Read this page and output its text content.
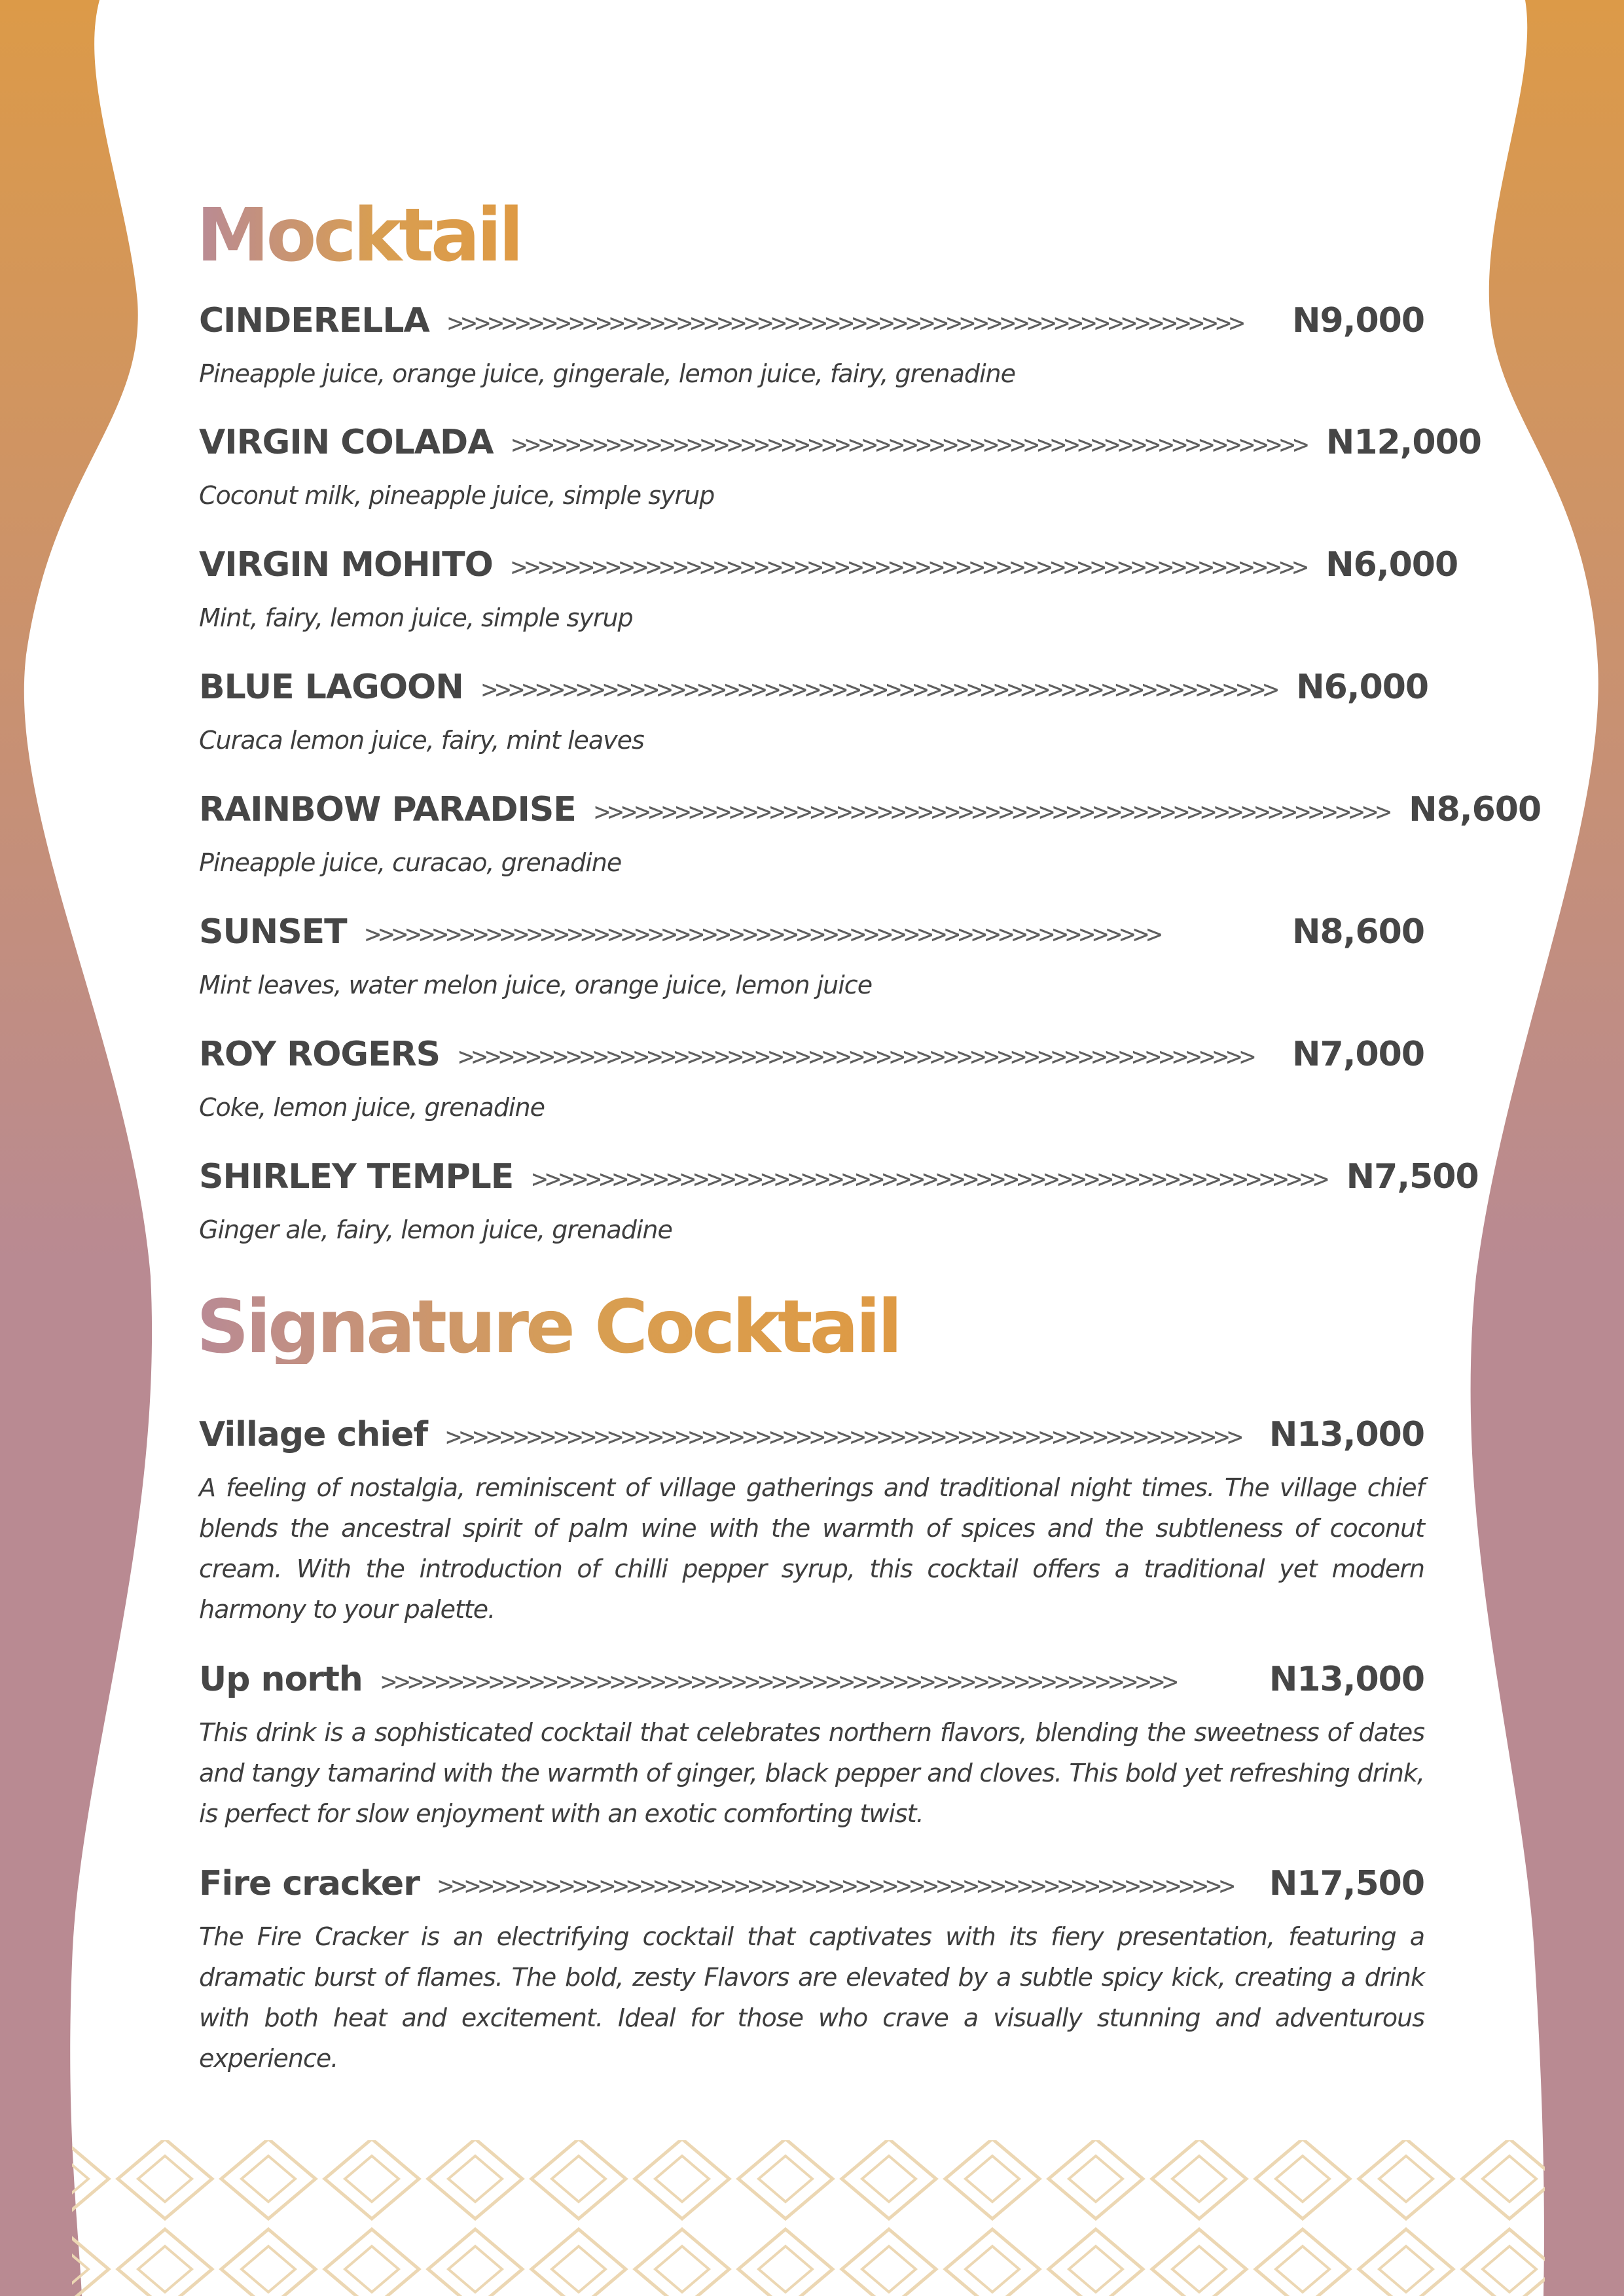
Mocktail
CINDERELLA >>>>>>>>>>>>>>>>>>>>>>>>>>>>>>>>>>>>>>>>>>>>>>>>>>>>>>>>>>>	N9,000

Pineapple juice, orange juice, gingerale, lemon juice, fairy, grenadine

VIRGIN COLADA >>>>>>>>>>>>>>>>>>>>>>>>>>>>>>>>>>>>>>>>>>>>>>>>>>>>>>>>>>> N12,000

Coconut milk, pineapple juice, simple syrup

VIRGIN MOHITO >>>>>>>>>>>>>>>>>>>>>>>>>>>>>>>>>>>>>>>>>>>>>>>>>>>>>>>>>>> N6,000

Mint, fairy, lemon juice, simple syrup

BLUE LAGOON >>>>>>>>>>>>>>>>>>>>>>>>>>>>>>>>>>>>>>>>>>>>>>>>>>>>>>>>>>> N6,000

Curaca lemon juice, fairy, mint leaves

RAINBOW PARADISE >>>>>>>>>>>>>>>>>>>>>>>>>>>>>>>>>>>>>>>>>>>>>>>>>>>>>>>>>>> N8,600

Pineapple juice, curacao, grenadine

SUNSET >>>>>>>>>>>>>>>>>>>>>>>>>>>>>>>>>>>>>>>>>>>>>>>>>>>>>>>>>>>	N8,600

Mint leaves, water melon juice, orange juice, lemon juice

ROY ROGERS >>>>>>>>>>>>>>>>>>>>>>>>>>>>>>>>>>>>>>>>>>>>>>>>>>>>>>>>>>>	N7,000

Coke, lemon juice, grenadine

SHIRLEY TEMPLE >>>>>>>>>>>>>>>>>>>>>>>>>>>>>>>>>>>>>>>>>>>>>>>>>>>>>>>>>>> N7,500

Ginger ale, fairy, lemon juice, grenadine

Signature Cocktail
Village chief >>>>>>>>>>>>>>>>>>>>>>>>>>>>>>>>>>>>>>>>>>>>>>>>>>>>>>>>>>> N13,000

A feeling of nostalgia, reminiscent of village gatherings and traditional night times. The village chief blends the ancestral spirit of palm wine with the warmth of spices and the subtleness of coconut cream. With the introduction of chilli pepper syrup, this cocktail offers a traditional yet modern harmony to your palette.

Up north >>>>>>>>>>>>>>>>>>>>>>>>>>>>>>>>>>>>>>>>>>>>>>>>>>>>>>>>>>>	N13,000

This drink is a sophisticated cocktail that celebrates northern flavors, blending the sweetness of dates and tangy tamarind with the warmth of ginger, black pepper and cloves. This bold yet refreshing drink, is perfect for slow enjoyment with an exotic comforting twist.

Fire cracker >>>>>>>>>>>>>>>>>>>>>>>>>>>>>>>>>>>>>>>>>>>>>>>>>>>>>>>>>>>	N17,500

The Fire Cracker is an electrifying cocktail that captivates with its fiery presentation, featuring a dramatic burst of flames. The bold, zesty Flavors are elevated by a subtle spicy kick, creating a drink with both heat and excitement. Ideal for those who crave a visually stunning and adventurous experience.
